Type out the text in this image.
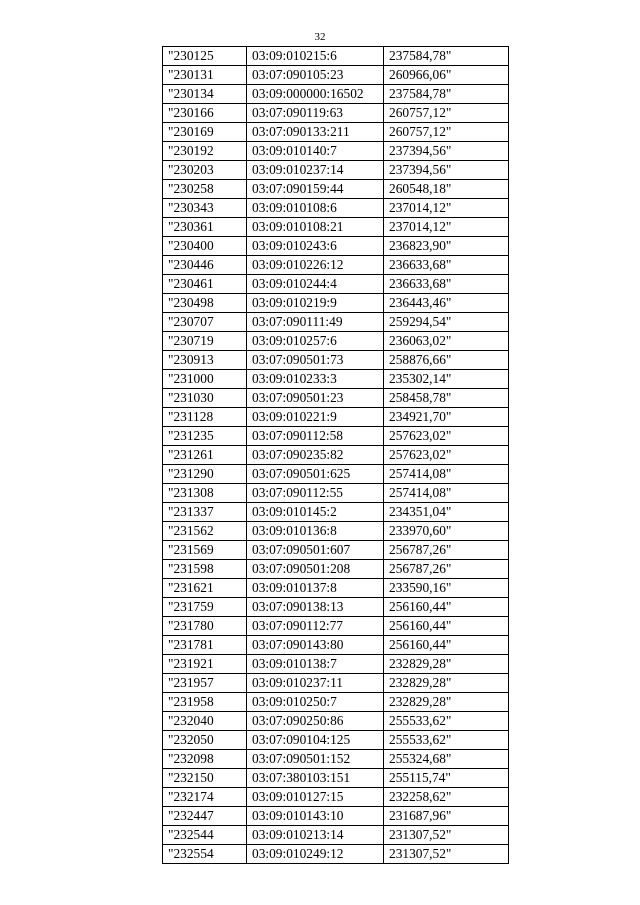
32
"230125	03:09:010215:6	237584,78"
"230131	03:07:090105:23	260966,06"
"230134	03:09:000000:16502	237584,78"
"230166	03:07:090119:63	260757,12"
"230169	03:07:090133:211	260757,12"
"230192	03:09:010140:7	237394,56"
"230203	03:09:010237:14	237394,56"
"230258	03:07:090159:44	260548,18"
"230343	03:09:010108:6	237014,12"
"230361	03:09:010108:21	237014,12"
"230400	03:09:010243:6	236823,90"
"230446	03:09:010226:12	236633,68"
"230461	03:09:010244:4	236633,68"
"230498	03:09:010219:9	236443,46"
"230707	03:07:090111:49	259294,54"
"230719	03:09:010257:6	236063,02"
"230913	03:07:090501:73	258876,66"
"231000	03:09:010233:3	235302,14"
"231030	03:07:090501:23	258458,78"
"231128	03:09:010221:9	234921,70"
"231235	03:07:090112:58	257623,02"
"231261	03:07:090235:82	257623,02"
"231290	03:07:090501:625	257414,08"
"231308	03:07:090112:55	257414,08"
"231337	03:09:010145:2	234351,04"
"231562	03:09:010136:8	233970,60"
"231569	03:07:090501:607	256787,26"
"231598	03:07:090501:208	256787,26"
"231621	03:09:010137:8	233590,16"
"231759	03:07:090138:13	256160,44"
"231780	03:07:090112:77	256160,44"
"231781	03:07:090143:80	256160,44"
"231921	03:09:010138:7	232829,28"
"231957	03:09:010237:11	232829,28"
"231958	03:09:010250:7	232829,28"
"232040	03:07:090250:86	255533,62"
"232050	03:07:090104:125	255533,62"
"232098	03:07:090501:152	255324,68"
"232150	03:07:380103:151	255115,74"
"232174	03:09:010127:15	232258,62"
"232447	03:09:010143:10	231687,96"
"232544	03:09:010213:14	231307,52"
"232554	03:09:010249:12	231307,52"
